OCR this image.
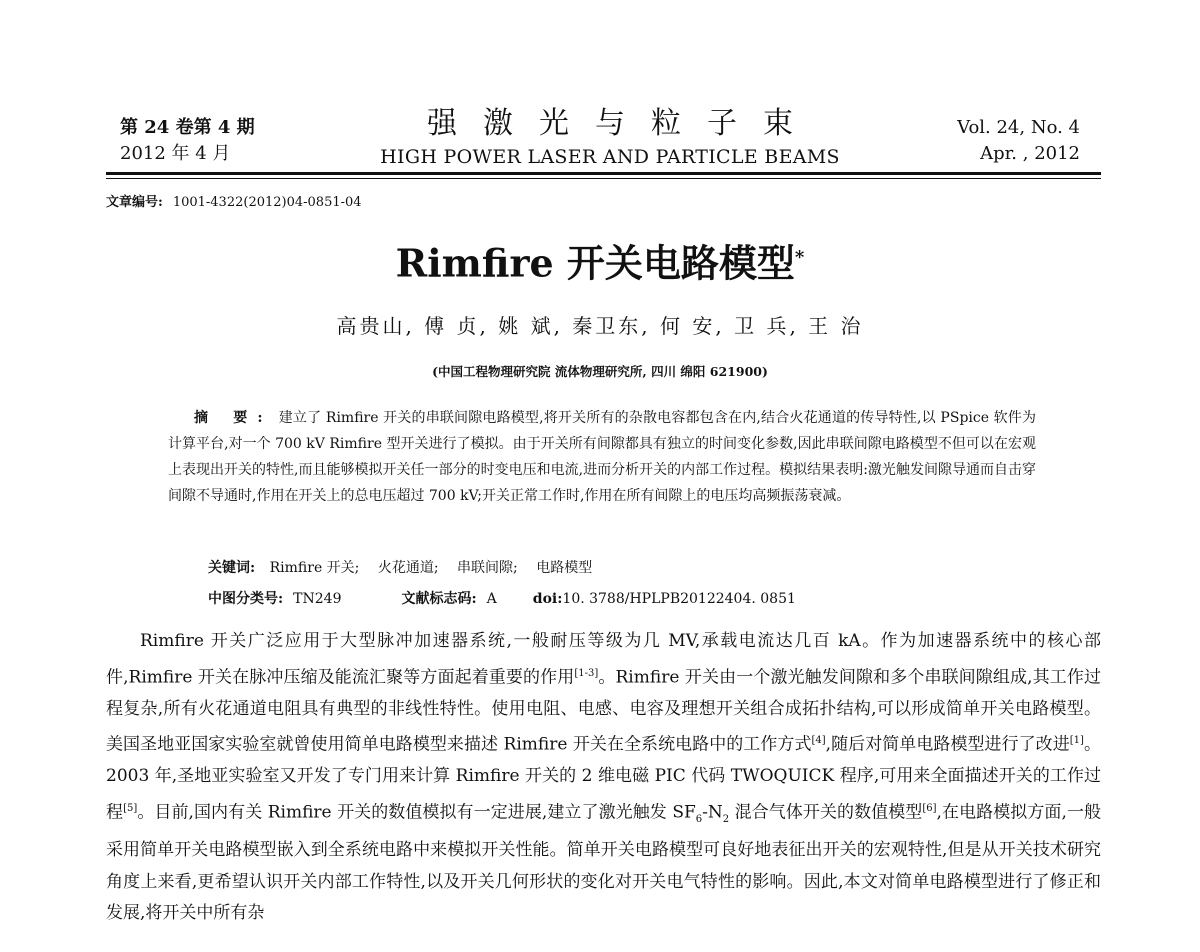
第 24 卷第 4 期
2012 年 4 月
强激光与粒子束
HIGH POWER LASER AND PARTICLE BEAMS
Vol. 24, No. 4
Apr. , 2012
文章编号: 1001-4322(2012)04-0851-04
Rimfire 开关电路模型*
高贵山, 傅 贞, 姚 斌, 秦卫东, 何 安, 卫 兵, 王 治
(中国工程物理研究院 流体物理研究所, 四川 绵阳 621900)
摘 要: 建立了 Rimfire 开关的串联间隙电路模型,将开关所有的杂散电容都包含在内,结合火花通道的传导特性,以 PSpice 软件为计算平台,对一个 700 kV Rimfire 型开关进行了模拟。由于开关所有间隙都具有独立的时间变化参数,因此串联间隙电路模型不但可以在宏观上表现出开关的特性,而且能够模拟开关任一部分的时变电压和电流,进而分析开关的内部工作过程。模拟结果表明:激光触发间隙导通而自击穿间隙不导通时,作用在开关上的总电压超过 700 kV;开关正常工作时,作用在所有间隙上的电压均高频振荡衰减。
关键词: Rimfire 开关; 火花通道; 串联间隙; 电路模型
中图分类号: TN249	文献标志码: A	doi:10. 3788/HPLPB20122404. 0851

Rimfire 开关广泛应用于大型脉冲加速器系统,一般耐压等级为几 MV,承载电流达几百 kA。作为加速器系统中的核心部件,Rimfire 开关在脉冲压缩及能流汇聚等方面起着重要的作用[1-3]。Rimfire 开关由一个激光触发间隙和多个串联间隙组成,其工作过程复杂,所有火花通道电阻具有典型的非线性特性。使用电阻、电感、电容及理想开关组合成拓扑结构,可以形成简单开关电路模型。美国圣地亚国家实验室就曾使用简单电路模型来描述 Rimfire 开关在全系统电路中的工作方式[4],随后对简单电路模型进行了改进[1]。2003 年,圣地亚实验室又开发了专门用来计算 Rimfire 开关的 2 维电磁 PIC 代码 TWOQUICK 程序,可用来全面描述开关的工作过程[5]。目前,国内有关 Rimfire 开关的数值模拟有一定进展,建立了激光触发 $SF_6-N_2$ 混合气体开关的数值模型[6],在电路模拟方面,一般采用简单开关电路模型嵌入到全系统电路中来模拟开关性能。简单开关电路模型可良好地表征出开关的宏观特性,但是从开关技术研究角度上来看,更希望认识开关内部工作特性,以及开关几何形状的变化对开关电气特性的影响。因此,本文对简单电路模型进行了修正和发展,将开关中所有杂
